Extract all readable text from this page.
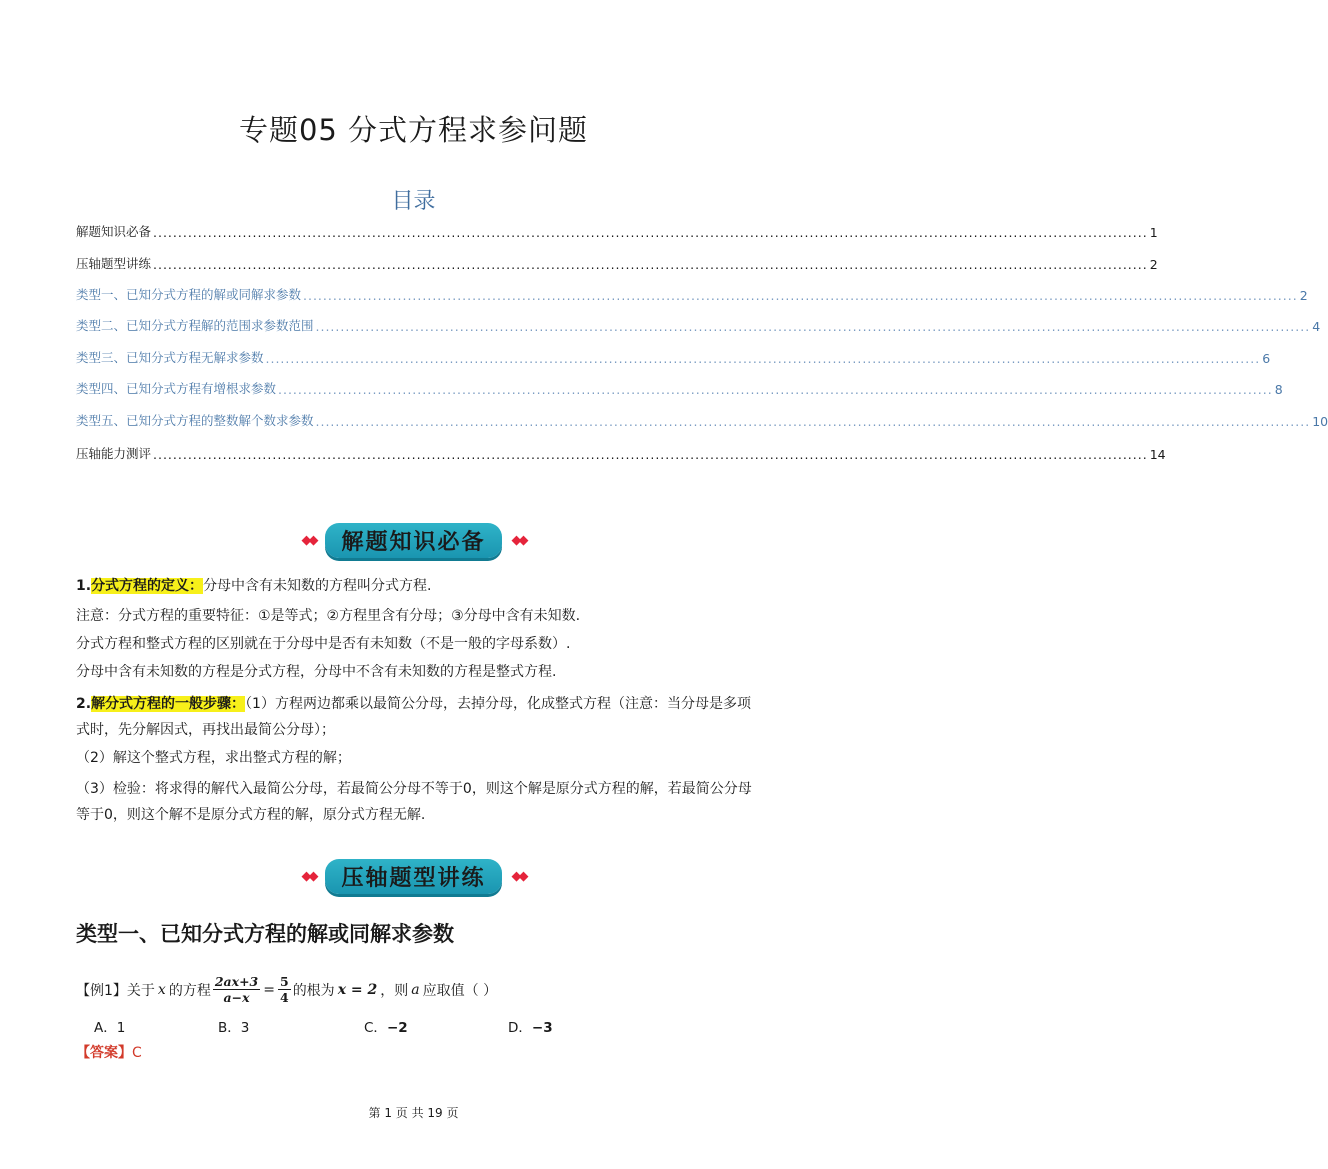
专题05 分式方程求参问题
目录
解题知识必备 ........................................................................................................................................................................................................ 1
压轴题型讲练 ........................................................................................................................................................................................................ 2
类型一、已知分式方程的解或同解求参数 ........................................................................................................................................................................................................ 2
类型二、已知分式方程解的范围求参数范围 ........................................................................................................................................................................................................ 4
类型三、已知分式方程无解求参数 ........................................................................................................................................................................................................ 6
类型四、已知分式方程有增根求参数 ........................................................................................................................................................................................................ 8
类型五、已知分式方程的整数解个数求参数 ........................................................................................................................................................................................................ 10
压轴能力测评 ........................................................................................................................................................................................................ 14
◆◆	解题知识必备	◆◆
1.分式方程的定义：分母中含有未知数的方程叫分式方程.
注意：分式方程的重要特征：①是等式；②方程里含有分母；③分母中含有未知数.
分式方程和整式方程的区别就在于分母中是否有未知数（不是一般的字母系数）.
分母中含有未知数的方程是分式方程，分母中不含有未知数的方程是整式方程.
2.解分式方程的一般步骤：（1）方程两边都乘以最简公分母，去掉分母，化成整式方程（注意：当分母是多项式时，先分解因式，再找出最简公分母）；
（2）解这个整式方程，求出整式方程的解；
（3）检验：将求得的解代入最简公分母，若最简公分母不等于0，则这个解是原分式方程的解，若最简公分母等于0，则这个解不是原分式方程的解，原分式方程无解.
◆◆	压轴题型讲练	◆◆
类型一、已知分式方程的解或同解求参数
【例1】 关于 x 的方程 $\frac{2ax+3}{a-x} = \frac{5}{4}$ 的根为 x = 2 ，则 a 应取值（ ）
A．1	B．3	C．−2	D．−3
【答案】C
第 1 页 共 19 页
